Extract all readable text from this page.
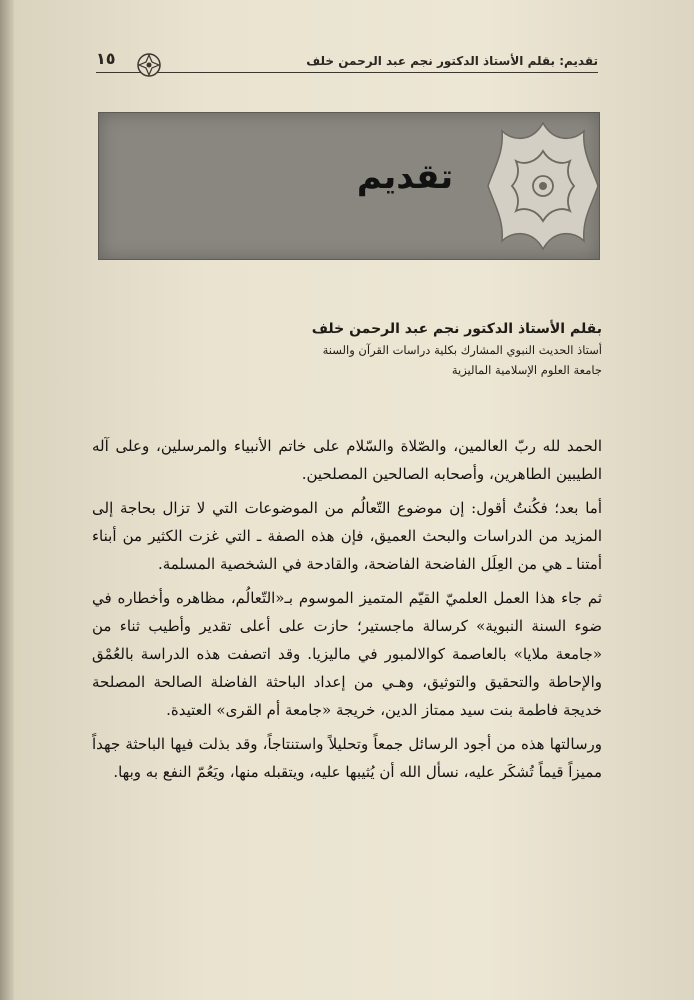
تقديم: بقلم الأستاذ الدكتور نجم عبد الرحمن خلف
١٥
تقديم
بقلم الأستاذ الدكتور نجم عبد الرحمن خلف
أستاذ الحديث النبوي المشارك بكلية دراسات القرآن والسنة
جامعة العلوم الإسلامية الماليزية

الحمد لله ربّ العالمين، والصّلاة والسّلام على خاتم الأنبياء والمرسلين، وعلى آله الطيبين الطاهرين، وأصحابه الصالحين المصلحين.

أما بعد؛ فكُنتُ أقول: إن موضوع التّعالُم من الموضوعات التي لا تزال بحاجة إلى المزيد من الدراسات والبحث العميق، فإن هذه الصفة ـ التي غزت الكثير من أبناء أمتنا ـ هي من العِلَل الفاضحة الفاضحة، والقادحة في الشخصية المسلمة.

ثم جاء هذا العمل العلميّ القيّم المتميز الموسوم بـ«التّعالُم، مظاهره وأخطاره في ضوء السنة النبوية» كرسالة ماجستير؛ حازت على أعلى تقدير وأطيب ثناء من «جامعة ملايا» بالعاصمة كوالالمبور في ماليزيا. وقد اتصفت هذه الدراسة بالعُمْق والإحاطة والتحقيق والتوثيق، وهـي من إعداد الباحثة الفاضلة الصالحة المصلحة خديجة فاطمة بنت سيد ممتاز الدين، خريجة «جامعة أم القرى» العتيدة.

ورسالتها هذه من أجود الرسائل جمعاً وتحليلاً واستنتاجاً، وقد بذلت فيها الباحثة جهداً مميزاً قيماً تُشكَر عليه، نسأل الله أن يُثيبها عليه، ويتقبله منها، ويَعُمّ النفع به وبها.
